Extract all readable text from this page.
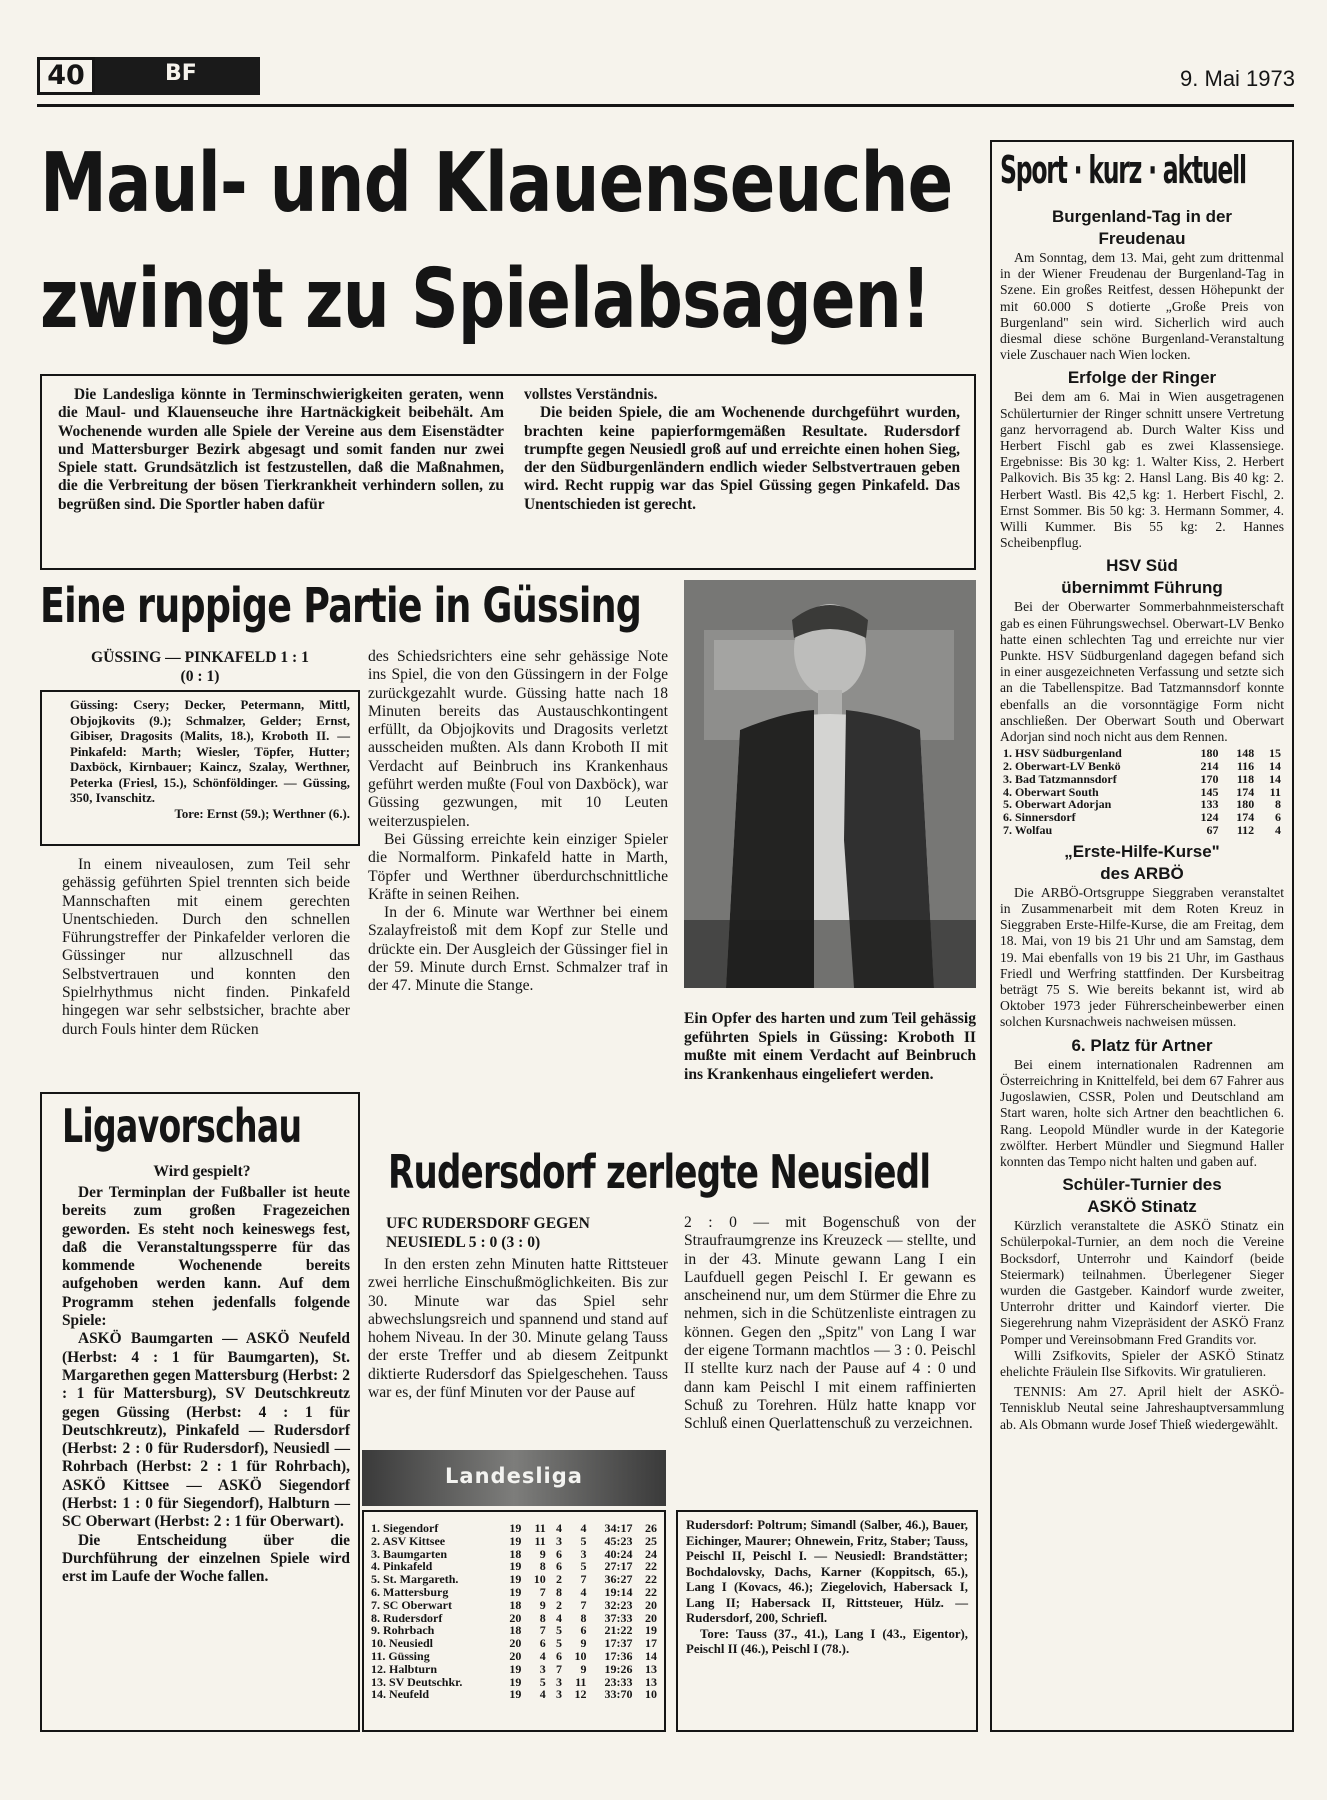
40	BF	9. Mai 1973
Maul- und Klauenseuche
zwingt zu Spielabsagen!

Die Landesliga könnte in Terminschwierigkeiten geraten, wenn die Maul- und Klauenseuche ihre Hartnäckigkeit beibehält. Am Wochenende wurden alle Spiele der Vereine aus dem Eisenstädter und Mattersburger Bezirk abgesagt und somit fanden nur zwei Spiele statt. Grundsätzlich ist festzustellen, daß die Maßnahmen, die die Verbreitung der bösen Tierkrankheit verhindern sollen, zu begrüßen sind. Die Sportler haben dafür

vollstes Verständnis.

Die beiden Spiele, die am Wochenende durchgeführt wurden, brachten keine papierformgemäßen Resultate. Rudersdorf trumpfte gegen Neusiedl groß auf und erreichte einen hohen Sieg, der den Südburgenländern endlich wieder Selbstvertrauen geben wird. Recht ruppig war das Spiel Güssing gegen Pinkafeld. Das Unentschieden ist gerecht.

Eine ruppige Partie in Güssing
GÜSSING — PINKAFELD 1 : 1
(0 : 1)
Güssing: Csery; Decker, Petermann, Mittl, Objojkovits (9.); Schmalzer, Gelder; Ernst, Gibiser, Dragosits (Malits, 18.), Kroboth II. — Pinkafeld: Marth; Wiesler, Töpfer, Hutter; Daxböck, Kirnbauer; Kaincz, Szalay, Werthner, Peterka (Friesl, 15.), Schönföldinger. — Güssing, 350, Ivanschitz.
Tore: Ernst (59.); Werthner (6.).

In einem niveaulosen, zum Teil sehr gehässig geführten Spiel trennten sich beide Mannschaften mit einem gerechten Unentschieden. Durch den schnellen Führungstreffer der Pinkafelder verloren die Güssinger nur allzuschnell das Selbstvertrauen und konnten den Spielrhythmus nicht finden. Pinkafeld hingegen war sehr selbstsicher, brachte aber durch Fouls hinter dem Rücken

des Schiedsrichters eine sehr gehässige Note ins Spiel, die von den Güssingern in der Folge zurückgezahlt wurde. Güssing hatte nach 18 Minuten bereits das Austauschkontingent erfüllt, da Objojkovits und Dragosits verletzt ausscheiden mußten. Als dann Kroboth II mit Verdacht auf Beinbruch ins Krankenhaus geführt werden mußte (Foul von Daxböck), war Güssing gezwungen, mit 10 Leuten weiterzuspielen.

Bei Güssing erreichte kein einziger Spieler die Normalform. Pinkafeld hatte in Marth, Töpfer und Werthner überdurchschnittliche Kräfte in seinen Reihen.

In der 6. Minute war Werthner bei einem Szalayfreistoß mit dem Kopf zur Stelle und drückte ein. Der Ausgleich der Güssinger fiel in der 59. Minute durch Ernst. Schmalzer traf in der 47. Minute die Stange.

Ein Opfer des harten und zum Teil gehässig geführten Spiels in Güssing: Kroboth II mußte mit einem Verdacht auf Beinbruch ins Krankenhaus eingeliefert werden.
Ligavorschau
Wird gespielt?

Der Terminplan der Fußballer ist heute bereits zum großen Fragezeichen geworden. Es steht noch keineswegs fest, daß die Veranstaltungssperre für das kommende Wochenende bereits aufgehoben werden kann. Auf dem Programm stehen jedenfalls folgende Spiele:

ASKÖ Baumgarten — ASKÖ Neufeld (Herbst: 4 : 1 für Baumgarten), St. Margarethen gegen Mattersburg (Herbst: 2 : 1 für Mattersburg), SV Deutschkreutz gegen Güssing (Herbst: 4 : 1 für Deutschkreutz), Pinkafeld — Rudersdorf (Herbst: 2 : 0 für Rudersdorf), Neusiedl — Rohrbach (Herbst: 2 : 1 für Rohrbach), ASKÖ Kittsee — ASKÖ Siegendorf (Herbst: 1 : 0 für Siegendorf), Halbturn — SC Oberwart (Herbst: 2 : 1 für Oberwart).

Die Entscheidung über die Durchführung der einzelnen Spiele wird erst im Laufe der Woche fallen.

Rudersdorf zerlegte Neusiedl
UFC RUDERSDORF GEGEN
NEUSIEDL 5 : 0 (3 : 0)

In den ersten zehn Minuten hatte Rittsteuer zwei herrliche Einschußmöglichkeiten. Bis zur 30. Minute war das Spiel sehr abwechslungsreich und spannend und stand auf hohem Niveau. In der 30. Minute gelang Tauss der erste Treffer und ab diesem Zeitpunkt diktierte Rudersdorf das Spielgeschehen. Tauss war es, der fünf Minuten vor der Pause auf

2 : 0 — mit Bogenschuß von der Straufraumgrenze ins Kreuzeck — stellte, und in der 43. Minute gewann Lang I ein Laufduell gegen Peischl I. Er gewann es anscheinend nur, um dem Stürmer die Ehre zu nehmen, sich in die Schützenliste eintragen zu können. Gegen den „Spitz" von Lang I war der eigene Tormann machtlos — 3 : 0. Peischl II stellte kurz nach der Pause auf 4 : 0 und dann kam Peischl I mit einem raffinierten Schuß zu Torehren. Hülz hatte knapp vor Schluß einen Querlattenschuß zu verzeichnen.

Landesliga
1. Siegendorf	19	11	4	4	34:17	26
2. ASV Kittsee	19	11	3	5	45:23	25
3. Baumgarten	18	9	6	3	40:24	24
4. Pinkafeld	19	8	6	5	27:17	22
5. St. Margareth.	19	10	2	7	36:27	22
6. Mattersburg	19	7	8	4	19:14	22
7. SC Oberwart	18	9	2	7	32:23	20
8. Rudersdorf	20	8	4	8	37:33	20
9. Rohrbach	18	7	5	6	21:22	19
10. Neusiedl	20	6	5	9	17:37	17
11. Güssing	20	4	6	10	17:36	14
12. Halbturn	19	3	7	9	19:26	13
13. SV Deutschkr.	19	5	3	11	23:33	13
14. Neufeld	19	4	3	12	33:70	10
Rudersdorf: Poltrum; Simandl (Salber, 46.), Bauer, Eichinger, Maurer; Ohnewein, Fritz, Staber; Tauss, Peischl II, Peischl I. — Neusiedl: Brandstätter; Bochdalovsky, Dachs, Karner (Koppitsch, 65.), Lang I (Kovacs, 46.); Ziegelovich, Habersack I, Lang II; Habersack II, Rittsteuer, Hülz. — Rudersdorf, 200, Schriefl.
Tore: Tauss (37., 41.), Lang I (43., Eigentor), Peischl II (46.), Peischl I (78.).
Sport · kurz · aktuell
Burgenland-Tag in der Freudenau

Am Sonntag, dem 13. Mai, geht zum drittenmal in der Wiener Freudenau der Burgenland-Tag in Szene. Ein großes Reitfest, dessen Höhepunkt der mit 60.000 S dotierte „Große Preis von Burgenland" sein wird. Sicherlich wird auch diesmal diese schöne Burgenland-Veranstaltung viele Zuschauer nach Wien locken.

Erfolge der Ringer

Bei dem am 6. Mai in Wien ausgetragenen Schülerturnier der Ringer schnitt unsere Vertretung ganz hervorragend ab. Durch Walter Kiss und Herbert Fischl gab es zwei Klassensiege. Ergebnisse: Bis 30 kg: 1. Walter Kiss, 2. Herbert Palkovich. Bis 35 kg: 2. Hansl Lang. Bis 40 kg: 2. Herbert Wastl. Bis 42,5 kg: 1. Herbert Fischl, 2. Ernst Sommer. Bis 50 kg: 3. Hermann Sommer, 4. Willi Kummer. Bis 55 kg: 2. Hannes Scheibenpflug.

HSV Süd übernimmt Führung

Bei der Oberwarter Sommerbahnmeisterschaft gab es einen Führungswechsel. Oberwart-LV Benko hatte einen schlechten Tag und erreichte nur vier Punkte. HSV Südburgenland dagegen befand sich in einer ausgezeichneten Verfassung und setzte sich an die Tabellenspitze. Bad Tatzmannsdorf konnte ebenfalls an die vorsonntägige Form nicht anschließen. Der Oberwart South und Oberwart Adorjan sind noch nicht aus dem Rennen.

1. HSV Südburgenland	180	148	15
2. Oberwart-LV Benkö	214	116	14
3. Bad Tatzmannsdorf	170	118	14
4. Oberwart South	145	174	11
5. Oberwart Adorjan	133	180	8
6. Sinnersdorf	124	174	6
7. Wolfau	67	112	4
„Erste-Hilfe-Kurse" des ARBÖ

Die ARBÖ-Ortsgruppe Sieggraben veranstaltet in Zusammenarbeit mit dem Roten Kreuz in Sieggraben Erste-Hilfe-Kurse, die am Freitag, dem 18. Mai, von 19 bis 21 Uhr und am Samstag, dem 19. Mai ebenfalls von 19 bis 21 Uhr, im Gasthaus Friedl und Werfring stattfinden. Der Kursbeitrag beträgt 75 S. Wie bereits bekannt ist, wird ab Oktober 1973 jeder Führerscheinbewerber einen solchen Kursnachweis nachweisen müssen.

6. Platz für Artner

Bei einem internationalen Radrennen am Österreichring in Knittelfeld, bei dem 67 Fahrer aus Jugoslawien, CSSR, Polen und Deutschland am Start waren, holte sich Artner den beachtlichen 6. Rang. Leopold Mündler wurde in der Kategorie zwölfter. Herbert Mündler und Siegmund Haller konnten das Tempo nicht halten und gaben auf.

Schüler-Turnier des ASKÖ Stinatz

Kürzlich veranstaltete die ASKÖ Stinatz ein Schülerpokal-Turnier, an dem noch die Vereine Bocksdorf, Unterrohr und Kaindorf (beide Steiermark) teilnahmen. Überlegener Sieger wurden die Gastgeber. Kaindorf wurde zweiter, Unterrohr dritter und Kaindorf vierter. Die Siegerehrung nahm Vizepräsident der ASKÖ Franz Pomper und Vereinsobmann Fred Grandits vor.

Willi Zsifkovits, Spieler der ASKÖ Stinatz ehelichte Fräulein Ilse Sifkovits. Wir gratulieren.

TENNIS: Am 27. April hielt der ASKÖ-Tennisklub Neutal seine Jahreshauptversammlung ab. Als Obmann wurde Josef Thieß wiedergewählt.
